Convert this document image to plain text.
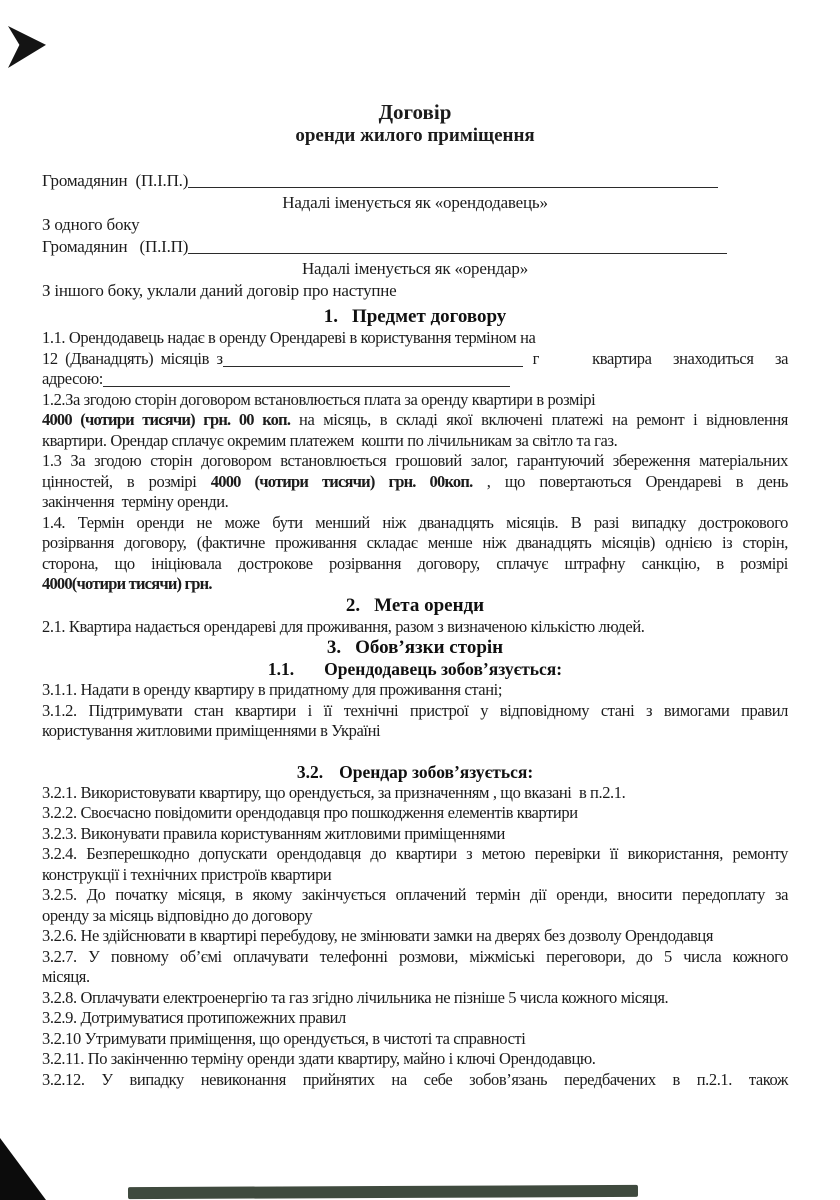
Договір
оренди жилого приміщення
Громадянин  (П.І.П.)
Надалі іменується як «орендодавець»
З одного боку
Громадянин   (П.І.П)
Надалі іменується як «орендар»
З іншого боку, уклали даний договір про наступне
1. Предмет договору
1.1. Орендодавець надає в оренду Орендареві в користування терміном на
12  (Дванадцять)  місяців  з	г	квартира  знаходиться  за
адресою:
1.2.За згодою сторін договором встановлюється плата за оренду квартири в розмірі
4000 (чотири тисячи) грн. 00 коп. на місяць, в складі якої включені платежі на ремонт і відновлення
квартири. Орендар сплачує окремим платежем  кошти по лічильникам за світло та газ.
1.3 За згодою сторін договором встановлюється грошовий залог, гарантуючий збереження матеріальних
цінностей, в розмірі 4000 (чотири тисячи) грн. 00коп. , що повертаються Орендареві в день
закінчення  терміну оренди.
1.4. Термін оренди не може бути менший ніж дванадцять місяців. В разі випадку дострокового
розірвання договору, (фактичне проживання складає менше ніж дванадцять місяців) однією із сторін,
сторона, що ініціювала дострокове розірвання договору, сплачує штрафну санкцію, в розмірі
4000(чотири тисячи) грн.
2. Мета оренди
2.1. Квартира надається орендареві для проживання, разом з визначеною кількістю людей.
3. Обов’язки сторін
1.1. Орендодавець зобов’язується:
3.1.1. Надати в оренду квартиру в придатному для проживання стані;
3.1.2. Підтримувати стан квартири і її технічні пристрої у відповідному стані з вимогами правил
користування житловими приміщеннями в Україні
3.2. Орендар зобов’язується:
3.2.1. Використовувати квартиру, що орендується, за призначенням , що вказані  в п.2.1.
3.2.2. Своєчасно повідомити орендодавця про пошкодження елементів квартири
3.2.3. Виконувати правила користуванням житловими приміщеннями
3.2.4. Безперешкодно допускати орендодавця до квартири з метою перевірки її використання, ремонту
конструкції і технічних пристроїв квартири
3.2.5. До початку місяця, в якому закінчується оплачений термін дії оренди, вносити передоплату за
оренду за місяць відповідно до договору
3.2.6. Не здійснювати в квартирі перебудову, не змінювати замки на дверях без дозволу Орендодавця
3.2.7. У повному об’ємі оплачувати телефонні розмови, міжміські переговори, до 5 числа кожного
місяця.
3.2.8. Оплачувати електроенергію та газ згідно лічильника не пізніше 5 числа кожного місяця.
3.2.9. Дотримуватися протипожежних правил
3.2.10 Утримувати приміщення, що орендується, в чистоті та справності
3.2.11. По закінченню терміну оренди здати квартиру, майно і ключі Орендодавцю.
3.2.12. У випадку невиконання прийнятих на себе зобов’язань передбачених в п.2.1. також
